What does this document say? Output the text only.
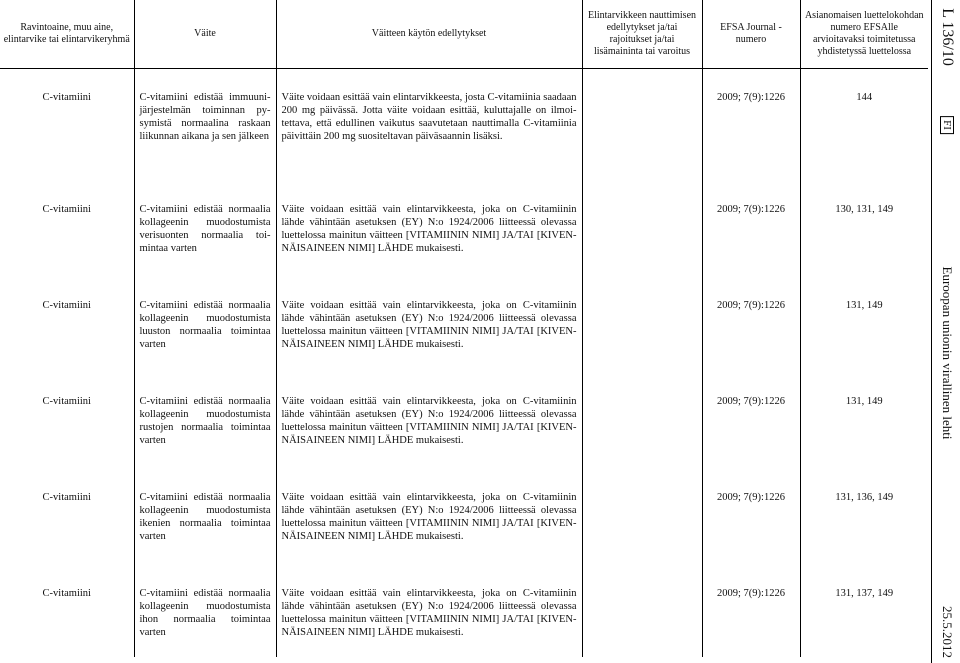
Ravintoaine, muu aine, elintarvike tai elintarvikeryhmä	Väite	Väitteen käytön edellytykset	Elintarvikkeen nauttimisen edellytykset ja/tai rajoitukset ja/tai lisämaininta tai varoitus	EFSA Journal -numero	Asianomaisen luettelokohdan numero EFSAlle arvioitavaksi toimitetussa yhdistetyssä luettelossa
C-vitamiini	C-vitamiini edistää immuunijärjestelmän toiminnan pysymistä normaalina raskaan liikunnan aikana ja sen jälkeen	Väite voidaan esittää vain elintarvikkeesta, josta C-vitamiinia saadaan 200 mg päivässä. Jotta väite voidaan esittää, kuluttajalle on ilmoitettava, että edullinen vaikutus saavutetaan nauttimalla C-vitamiinia päivittäin 200 mg suositeltavan päiväsaannin lisäksi.		2009; 7(9):1226	144
C-vitamiini	C-vitamiini edistää normaalia kollageenin muodostumista verisuonten normaalia toimintaa varten	Väite voidaan esittää vain elintarvikkeesta, joka on C-vitamiinin lähde vähintään asetuksen (EY) N:o 1924/2006 liitteessä olevassa luettelossa mainitun väitteen [VITAMIININ NIMI] JA/TAI [KIVENNÄISAINEEN NIMI] LÄHDE mukaisesti.		2009; 7(9):1226	130, 131, 149
C-vitamiini	C-vitamiini edistää normaalia kollageenin muodostumista luuston normaalia toimintaa varten	Väite voidaan esittää vain elintarvikkeesta, joka on C-vitamiinin lähde vähintään asetuksen (EY) N:o 1924/2006 liitteessä olevassa luettelossa mainitun väitteen [VITAMIININ NIMI] JA/TAI [KIVENNÄISAINEEN NIMI] LÄHDE mukaisesti.		2009; 7(9):1226	131, 149
C-vitamiini	C-vitamiini edistää normaalia kollageenin muodostumista rustojen normaalia toimintaa varten	Väite voidaan esittää vain elintarvikkeesta, joka on C-vitamiinin lähde vähintään asetuksen (EY) N:o 1924/2006 liitteessä olevassa luettelossa mainitun väitteen [VITAMIININ NIMI] JA/TAI [KIVENNÄISAINEEN NIMI] LÄHDE mukaisesti.		2009; 7(9):1226	131, 149
C-vitamiini	C-vitamiini edistää normaalia kollageenin muodostumista ikenien normaalia toimintaa varten	Väite voidaan esittää vain elintarvikkeesta, joka on C-vitamiinin lähde vähintään asetuksen (EY) N:o 1924/2006 liitteessä olevassa luettelossa mainitun väitteen [VITAMIININ NIMI] JA/TAI [KIVENNÄISAINEEN NIMI] LÄHDE mukaisesti.		2009; 7(9):1226	131, 136, 149
C-vitamiini	C-vitamiini edistää normaalia kollageenin muodostumista ihon normaalia toimintaa varten	Väite voidaan esittää vain elintarvikkeesta, joka on C-vitamiinin lähde vähintään asetuksen (EY) N:o 1924/2006 liitteessä olevassa luettelossa mainitun väitteen [VITAMIININ NIMI] JA/TAI [KIVENNÄISAINEEN NIMI] LÄHDE mukaisesti.		2009; 7(9):1226	131, 137, 149
L 136/10
FI
Euroopan unionin virallinen lehti
25.5.2012
